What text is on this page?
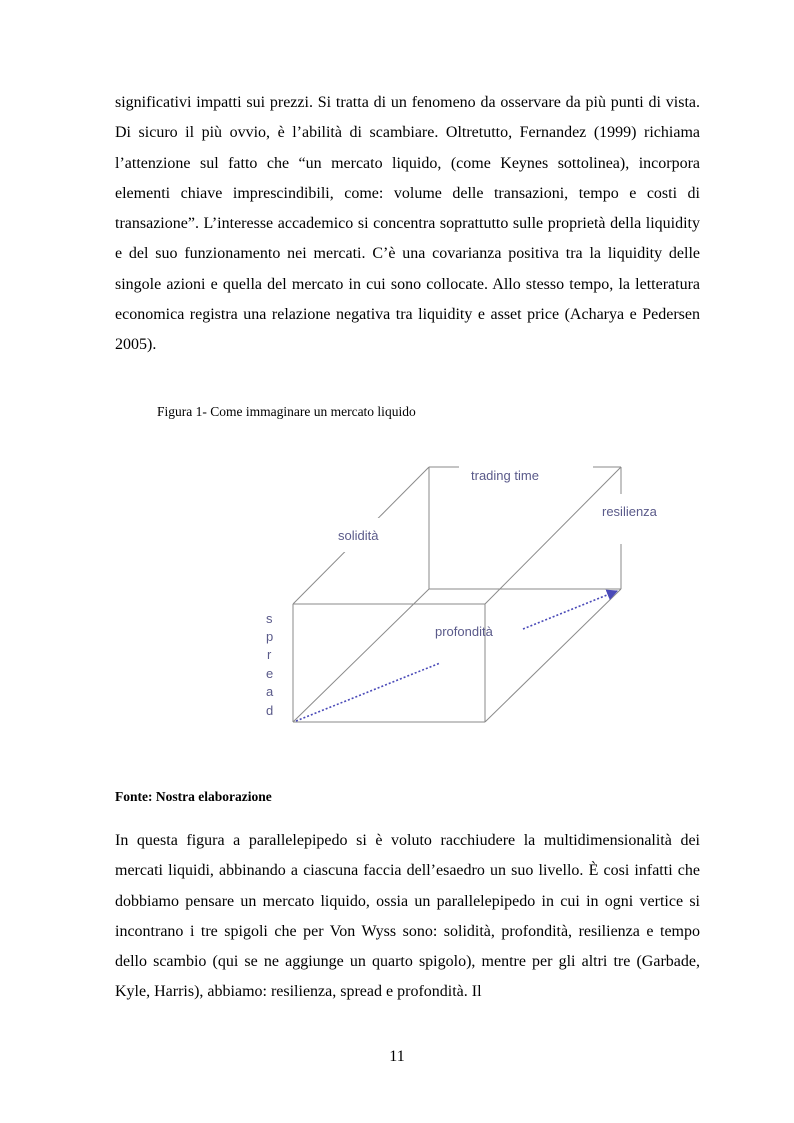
significativi impatti sui prezzi. Si tratta di un fenomeno da osservare da più punti di vista. Di sicuro il più ovvio, è l’abilità di scambiare. Oltretutto, Fernandez (1999) richiama l’attenzione sul fatto che “un mercato liquido, (come Keynes sottolinea), incorpora elementi chiave imprescindibili, come: volume delle transazioni, tempo e costi di transazione”. L’interesse accademico si concentra soprattutto sulle proprietà della liquidity e del suo funzionamento nei mercati. C’è una covarianza positiva tra la liquidity delle singole azioni e quella del mercato in cui sono collocate. Allo stesso tempo, la letteratura economica registra una relazione negativa tra liquidity e asset price (Acharya e Pedersen 2005).

Figura 1- Come immaginare un mercato liquido
trading time
resilienza
solidità
profondità
s
p
r
e
a
d
Fonte: Nostra elaborazione

In questa figura a parallelepipedo si è voluto racchiudere la multidimensionalità dei mercati liquidi, abbinando a ciascuna faccia dell’esaedro un suo livello. È cosi infatti che dobbiamo pensare un mercato liquido, ossia un parallelepipedo in cui in ogni vertice si incontrano i tre spigoli che per Von Wyss sono: solidità, profondità, resilienza e tempo dello scambio (qui se ne aggiunge un quarto spigolo), mentre per gli altri tre (Garbade, Kyle, Harris), abbiamo: resilienza, spread e profondità. Il

11
